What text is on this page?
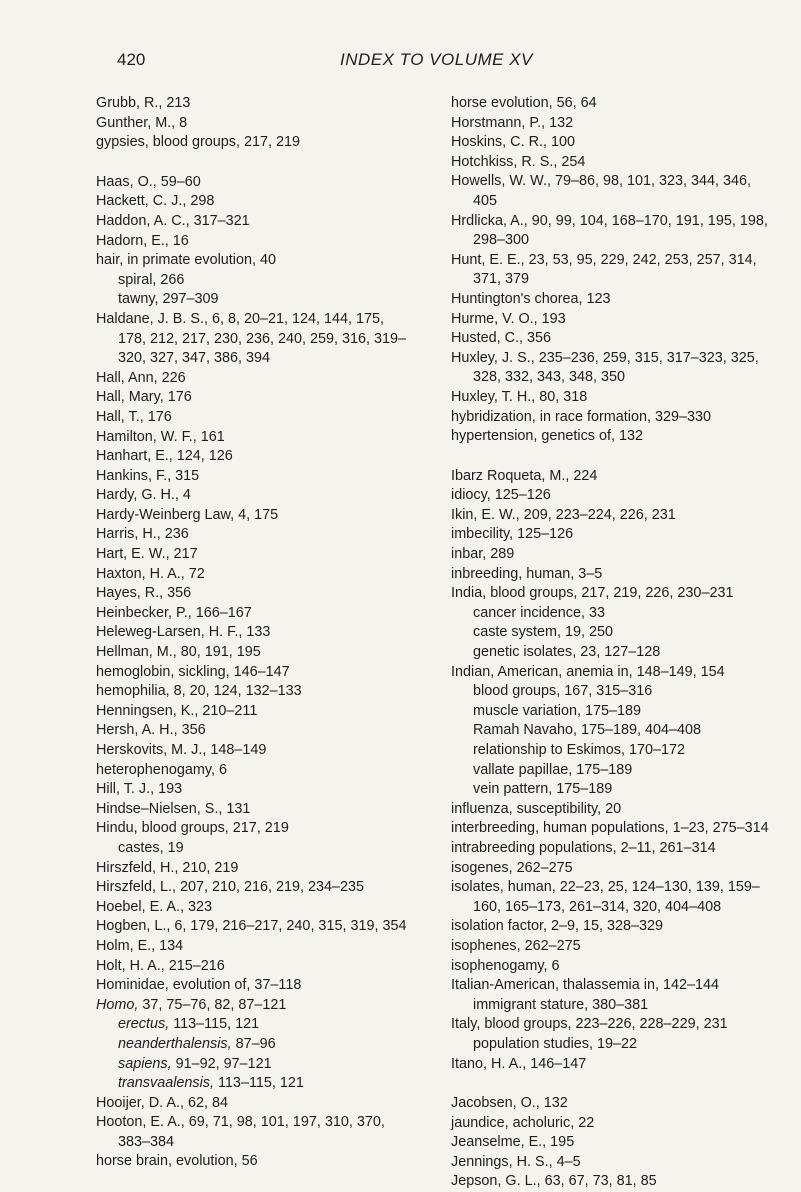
420	INDEX TO VOLUME XV
Grubb, R., 213
Gunther, M., 8
gypsies, blood groups, 217, 219
Haas, O., 59–60
Hackett, C. J., 298
Haddon, A. C., 317–321
Hadorn, E., 16
hair, in primate evolution, 40
spiral, 266
tawny, 297–309
Haldane, J. B. S., 6, 8, 20–21, 124, 144, 175, 178, 212, 217, 230, 236, 240, 259, 316, 319–320, 327, 347, 386, 394
Hall, Ann, 226
Hall, Mary, 176
Hall, T., 176
Hamilton, W. F., 161
Hanhart, E., 124, 126
Hankins, F., 315
Hardy, G. H., 4
Hardy-Weinberg Law, 4, 175
Harris, H., 236
Hart, E. W., 217
Haxton, H. A., 72
Hayes, R., 356
Heinbecker, P., 166–167
Heleweg-Larsen, H. F., 133
Hellman, M., 80, 191, 195
hemoglobin, sickling, 146–147
hemophilia, 8, 20, 124, 132–133
Henningsen, K., 210–211
Hersh, A. H., 356
Herskovits, M. J., 148–149
heterophenogamy, 6
Hill, T. J., 193
Hindse–Nielsen, S., 131
Hindu, blood groups, 217, 219
castes, 19
Hirszfeld, H., 210, 219
Hirszfeld, L., 207, 210, 216, 219, 234–235
Hoebel, E. A., 323
Hogben, L., 6, 179, 216–217, 240, 315, 319, 354
Holm, E., 134
Holt, H. A., 215–216
Hominidae, evolution of, 37–118
Homo, 37, 75–76, 82, 87–121
erectus, 113–115, 121
neanderthalensis, 87–96
sapiens, 91–92, 97–121
transvaalensis, 113–115, 121
Hooijer, D. A., 62, 84
Hooton, E. A., 69, 71, 98, 101, 197, 310, 370, 383–384
horse brain, evolution, 56
horse evolution, 56, 64
Horstmann, P., 132
Hoskins, C. R., 100
Hotchkiss, R. S., 254
Howells, W. W., 79–86, 98, 101, 323, 344, 346, 405
Hrdlicka, A., 90, 99, 104, 168–170, 191, 195, 198, 298–300
Hunt, E. E., 23, 53, 95, 229, 242, 253, 257, 314, 371, 379
Huntington's chorea, 123
Hurme, V. O., 193
Husted, C., 356
Huxley, J. S., 235–236, 259, 315, 317–323, 325, 328, 332, 343, 348, 350
Huxley, T. H., 80, 318
hybridization, in race formation, 329–330
hypertension, genetics of, 132
Ibarz Roqueta, M., 224
idiocy, 125–126
Ikin, E. W., 209, 223–224, 226, 231
imbecility, 125–126
inbar, 289
inbreeding, human, 3–5
India, blood groups, 217, 219, 226, 230–231
cancer incidence, 33
caste system, 19, 250
genetic isolates, 23, 127–128
Indian, American, anemia in, 148–149, 154
blood groups, 167, 315–316
muscle variation, 175–189
Ramah Navaho, 175–189, 404–408
relationship to Eskimos, 170–172
vallate papillae, 175–189
vein pattern, 175–189
influenza, susceptibility, 20
interbreeding, human populations, 1–23, 275–314
intrabreeding populations, 2–11, 261–314
isogenes, 262–275
isolates, human, 22–23, 25, 124–130, 139, 159–160, 165–173, 261–314, 320, 404–408
isolation factor, 2–9, 15, 328–329
isophenes, 262–275
isophenogamy, 6
Italian-American, thalassemia in, 142–144
immigrant stature, 380–381
Italy, blood groups, 223–226, 228–229, 231
population studies, 19–22
Itano, H. A., 146–147
Jacobsen, O., 132
jaundice, acholuric, 22
Jeanselme, E., 195
Jennings, H. S., 4–5
Jepson, G. L., 63, 67, 73, 81, 85
